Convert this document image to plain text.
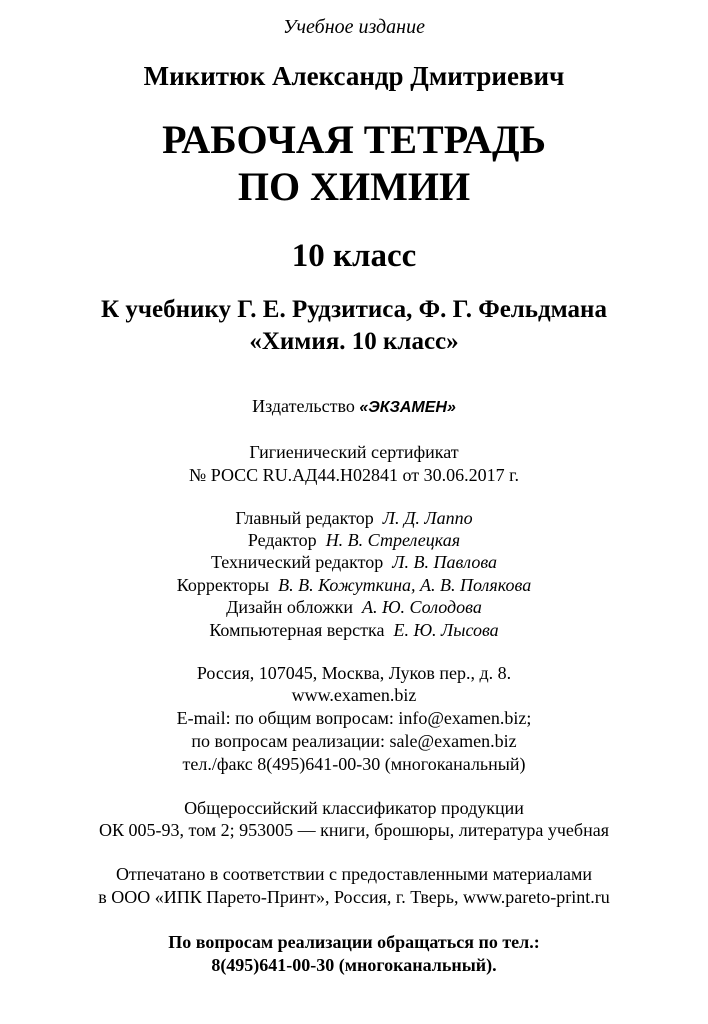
Учебное издание
Микитюк Александр Дмитриевич
РАБОЧАЯ ТЕТРАДЬ
ПО ХИМИИ
10 класс
К учебнику Г. Е. Рудзитиса, Ф. Г. Фельдмана
«Химия. 10 класс»
Издательство «ЭКЗАМЕН»
Гигиенический сертификат
№ РОСС RU.АД44.Н02841 от 30.06.2017 г.
Главный редактор Л. Д. Лаппо
Редактор Н. В. Стрелецкая
Технический редактор Л. В. Павлова
Корректоры В. В. Кожуткина, А. В. Полякова
Дизайн обложки А. Ю. Солодова
Компьютерная верстка Е. Ю. Лысова
Россия, 107045, Москва, Луков пер., д. 8.
www.examen.biz
E-mail: по общим вопросам: info@examen.biz;
по вопросам реализации: sale@examen.biz
тел./факс 8(495)641-00-30 (многоканальный)
Общероссийский классификатор продукции
ОК 005-93, том 2; 953005 — книги, брошюры, литература учебная
Отпечатано в соответствии с предоставленными материалами
в ООО «ИПК Парето-Принт», Россия, г. Тверь, www.pareto-print.ru
По вопросам реализации обращаться по тел.:
8(495)641-00-30 (многоканальный).
